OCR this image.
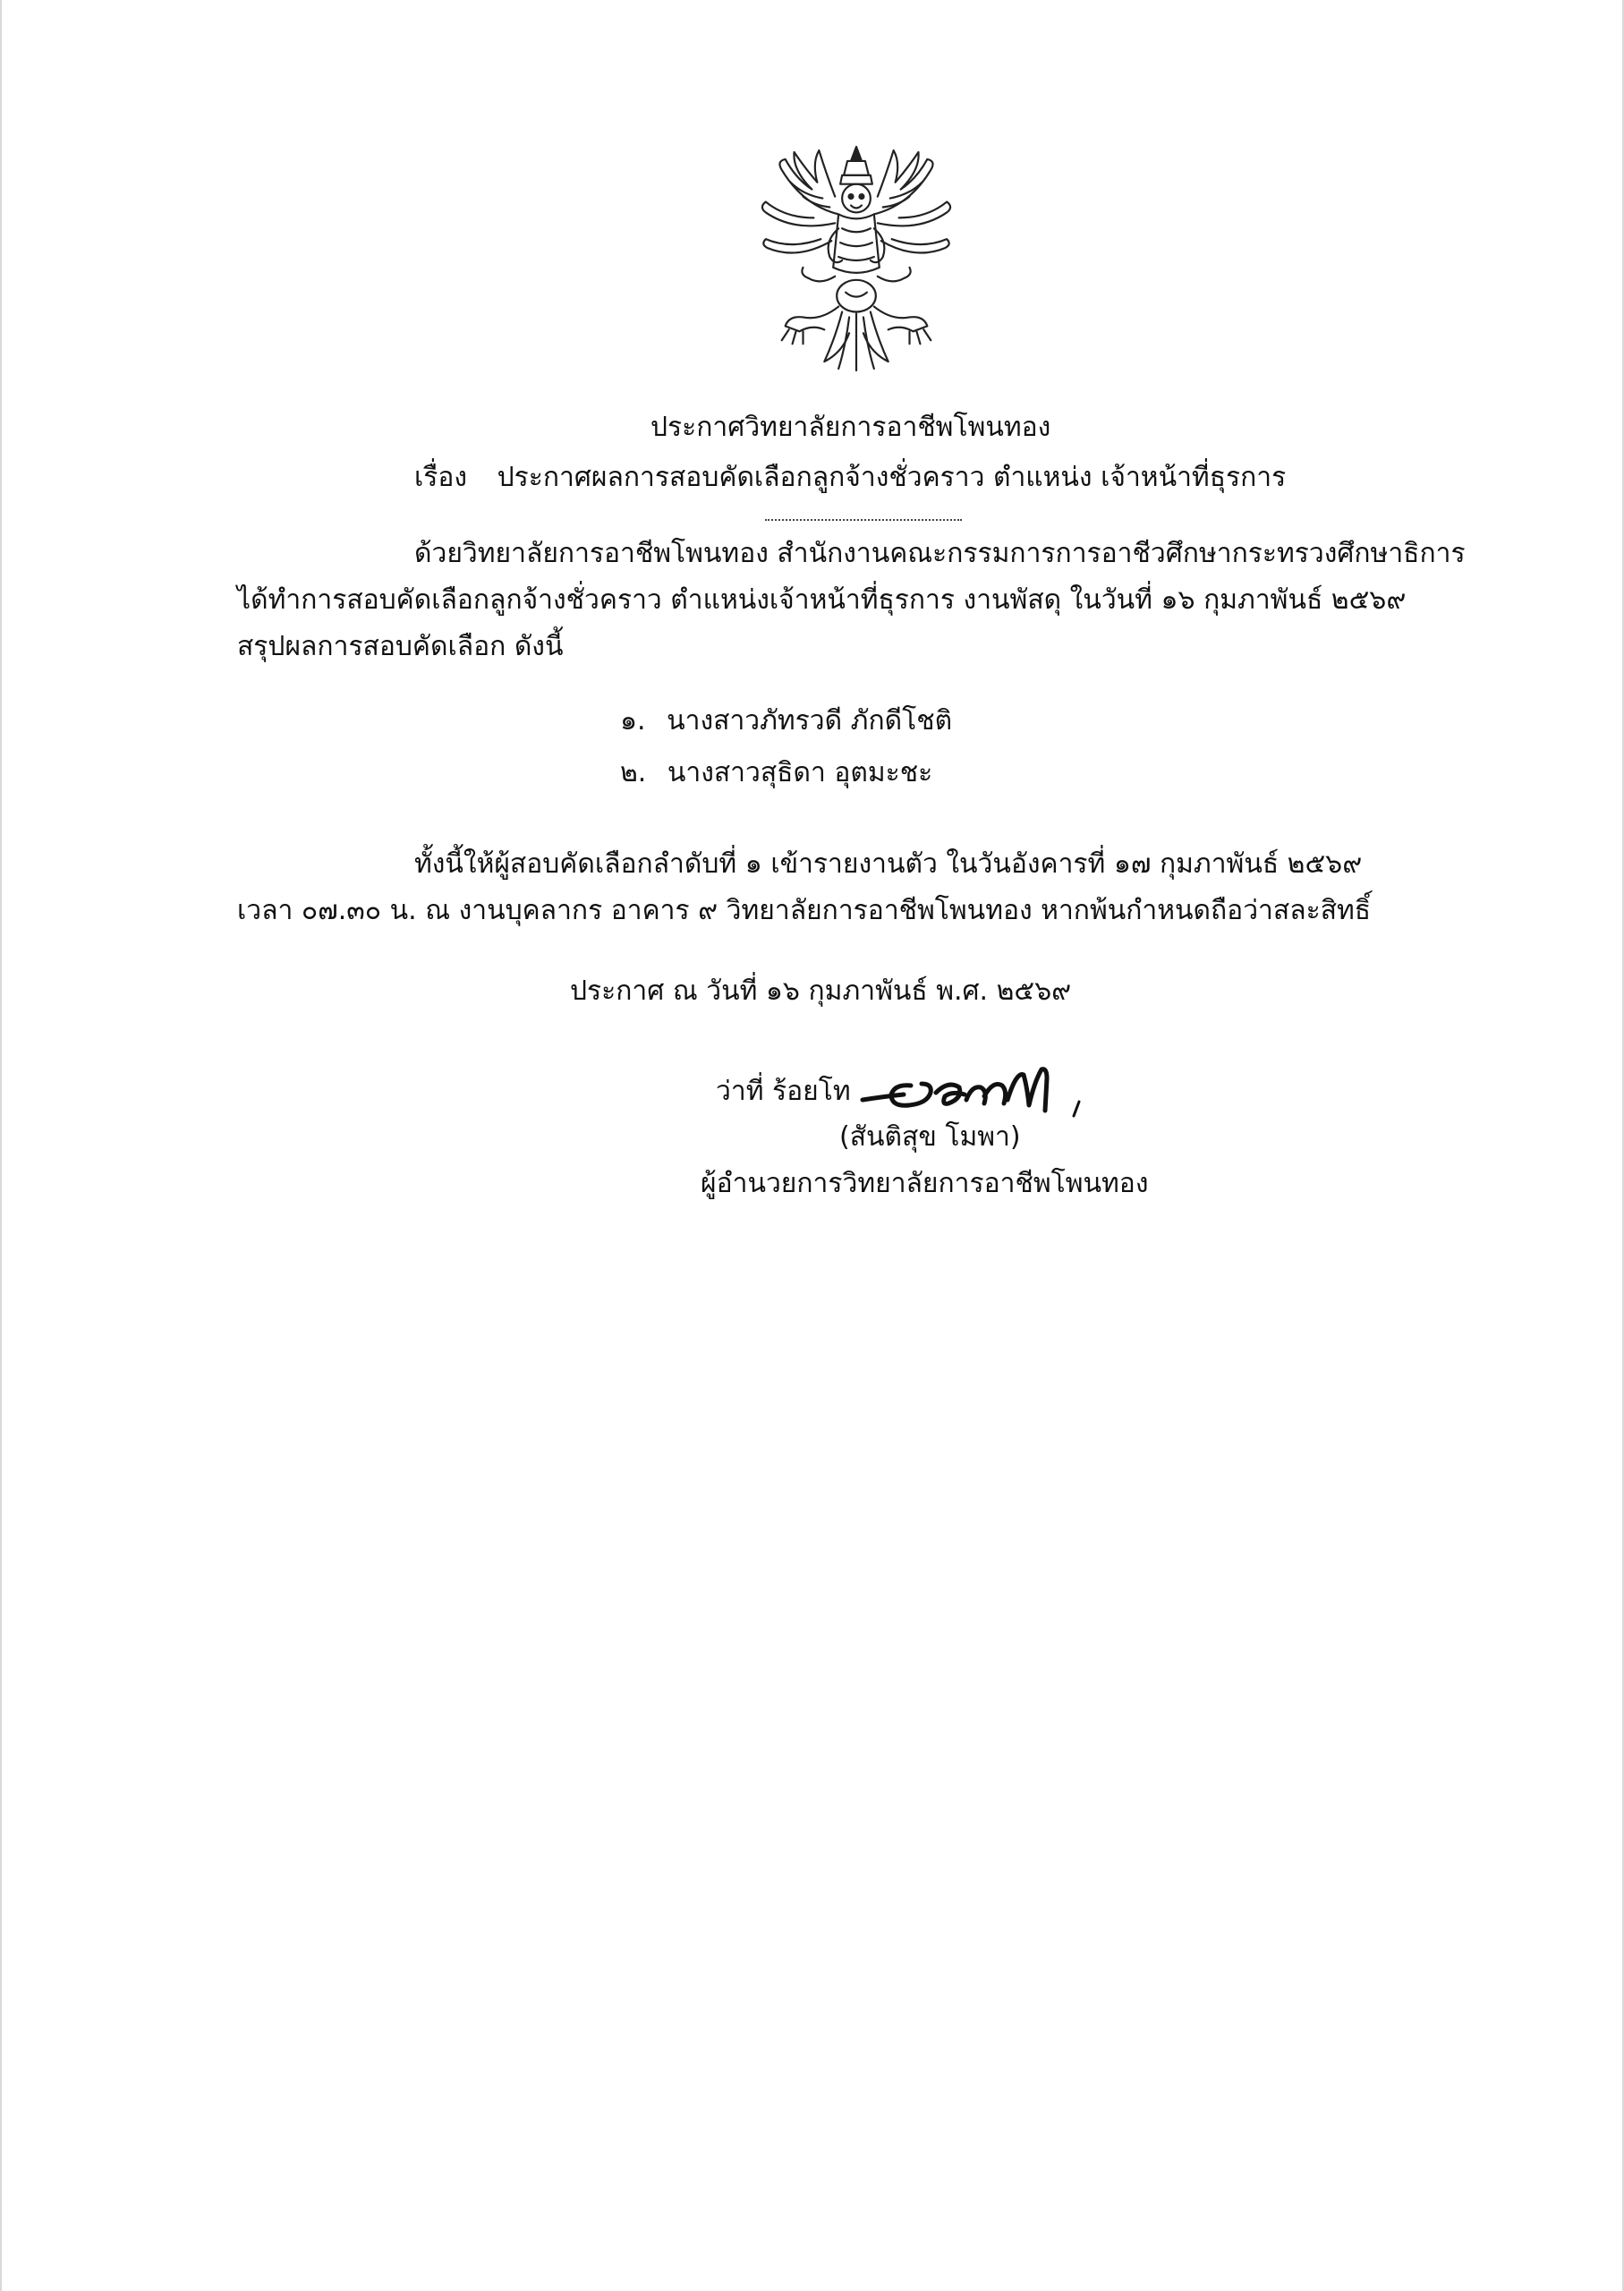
ประกาศวิทยาลัยการอาชีพโพนทอง
เรื่อง ประกาศผลการสอบคัดเลือกลูกจ้างชั่วคราว ตำแหน่ง เจ้าหน้าที่ธุรการ
ด้วยวิทยาลัยการอาชีพโพนทอง สำนักงานคณะกรรมการการอาชีวศึกษากระทรวงศึกษาธิการ
ได้ทำการสอบคัดเลือกลูกจ้างชั่วคราว ตำแหน่งเจ้าหน้าที่ธุรการ งานพัสดุ ในวันที่ ๑๖ กุมภาพันธ์ ๒๕๖๙
สรุปผลการสอบคัดเลือก ดังนี้
๑. นางสาวภัทรวดี ภักดีโชติ
๒. นางสาวสุธิดา อุตมะชะ
ทั้งนี้ให้ผู้สอบคัดเลือกลำดับที่ ๑ เข้ารายงานตัว ในวันอังคารที่ ๑๗ กุมภาพันธ์ ๒๕๖๙
เวลา ๐๗.๓๐ น. ณ งานบุคลากร อาคาร ๙ วิทยาลัยการอาชีพโพนทอง หากพ้นกำหนดถือว่าสละสิทธิ์
ประกาศ ณ วันที่ ๑๖ กุมภาพันธ์ พ.ศ. ๒๕๖๙
ว่าที่ ร้อยโท
(สันติสุข โมพา)
ผู้อำนวยการวิทยาลัยการอาชีพโพนทอง
